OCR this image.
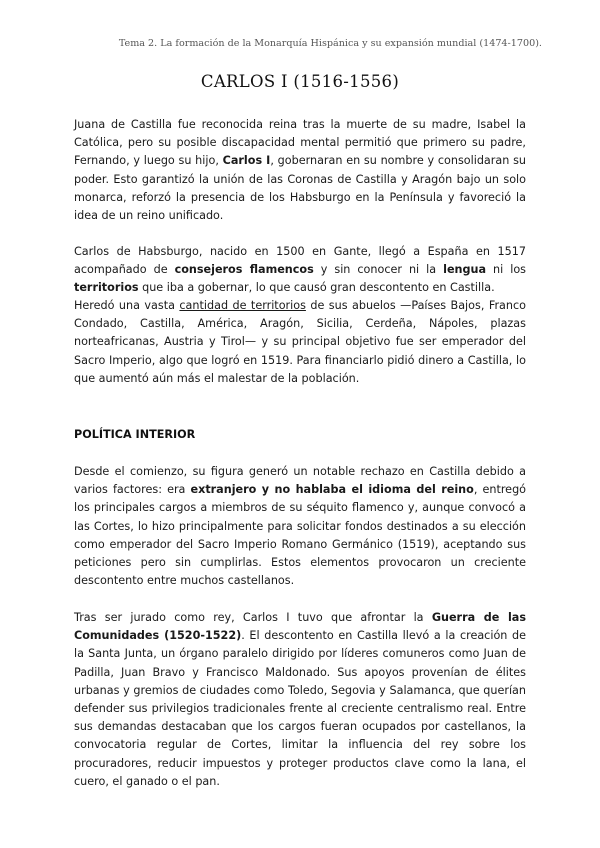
Tema 2. La formación de la Monarquía Hispánica y su expansión mundial (1474-1700).
CARLOS I (1516-1556)

Juana de Castilla fue reconocida reina tras la muerte de su madre, Isabel la Católica, pero su posible discapacidad mental permitió que primero su padre, Fernando, y luego su hijo, Carlos I, gobernaran en su nombre y consolidaran su poder. Esto garantizó la unión de las Coronas de Castilla y Aragón bajo un solo monarca, reforzó la presencia de los Habsburgo en la Península y favoreció la idea de un reino unificado.

Carlos de Habsburgo, nacido en 1500 en Gante, llegó a España en 1517 acompañado de consejeros flamencos y sin conocer ni la lengua ni los territorios que iba a gobernar, lo que causó gran descontento en Castilla.

Heredó una vasta cantidad de territorios de sus abuelos —Países Bajos, Franco Condado, Castilla, América, Aragón, Sicilia, Cerdeña, Nápoles, plazas norteafricanas, Austria y Tirol— y su principal objetivo fue ser emperador del Sacro Imperio, algo que logró en 1519. Para financiarlo pidió dinero a Castilla, lo que aumentó aún más el malestar de la población.

POLÍTICA INTERIOR

Desde el comienzo, su figura generó un notable rechazo en Castilla debido a varios factores: era extranjero y no hablaba el idioma del reino, entregó los principales cargos a miembros de su séquito flamenco y, aunque convocó a las Cortes, lo hizo principalmente para solicitar fondos destinados a su elección como emperador del Sacro Imperio Romano Germánico (1519), aceptando sus peticiones pero sin cumplirlas. Estos elementos provocaron un creciente descontento entre muchos castellanos.

Tras ser jurado como rey, Carlos I tuvo que afrontar la Guerra de las Comunidades (1520-1522). El descontento en Castilla llevó a la creación de la Santa Junta, un órgano paralelo dirigido por líderes comuneros como Juan de Padilla, Juan Bravo y Francisco Maldonado. Sus apoyos provenían de élites urbanas y gremios de ciudades como Toledo, Segovia y Salamanca, que querían defender sus privilegios tradicionales frente al creciente centralismo real. Entre sus demandas destacaban que los cargos fueran ocupados por castellanos, la convocatoria regular de Cortes, limitar la influencia del rey sobre los procuradores, reducir impuestos y proteger productos clave como la lana, el cuero, el ganado o el pan.
